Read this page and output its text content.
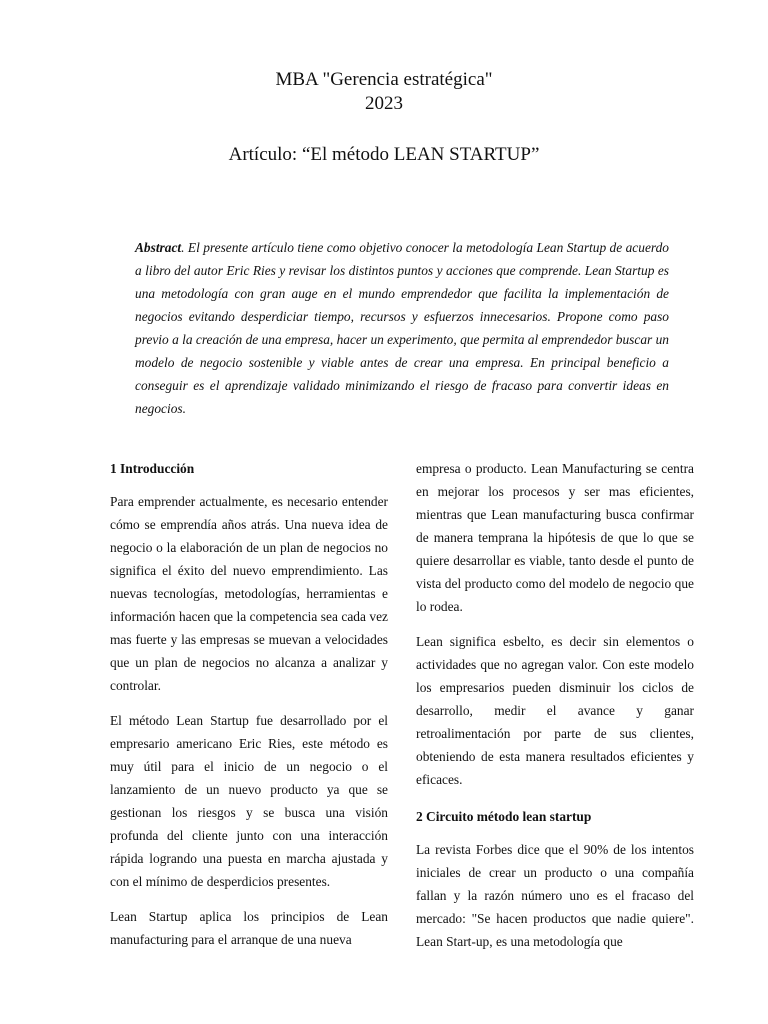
MBA "Gerencia estratégica"
2023
Artículo: “El método LEAN STARTUP”
Abstract. El presente artículo tiene como objetivo conocer la metodología Lean Startup de acuerdo a libro del autor Eric Ries y revisar los distintos puntos y acciones que comprende. Lean Startup es una metodología con gran auge en el mundo emprendedor que facilita la implementación de negocios evitando desperdiciar tiempo, recursos y esfuerzos innecesarios. Propone como paso previo a la creación de una empresa, hacer un experimento, que permita al emprendedor buscar un modelo de negocio sostenible y viable antes de crear una empresa. En principal beneficio a conseguir es el aprendizaje validado minimizando el riesgo de fracaso para convertir ideas en negocios.
1 Introducción

Para emprender actualmente, es necesario entender cómo se emprendía años atrás. Una nueva idea de negocio o la elaboración de un plan de negocios no significa el éxito del nuevo emprendimiento. Las nuevas tecnologías, metodologías, herramientas e información hacen que la competencia sea cada vez mas fuerte y las empresas se muevan a velocidades que un plan de negocios no alcanza a analizar y controlar.

El método Lean Startup fue desarrollado por el empresario americano Eric Ries, este método es muy útil para el inicio de un negocio o el lanzamiento de un nuevo producto ya que se gestionan los riesgos y se busca una visión profunda del cliente junto con una interacción rápida logrando una puesta en marcha ajustada y con el mínimo de desperdicios presentes.

Lean Startup aplica los principios de Lean manufacturing para el arranque de una nueva

empresa o producto. Lean Manufacturing se centra en mejorar los procesos y ser mas eficientes, mientras que Lean manufacturing busca confirmar de manera temprana la hipótesis de que lo que se quiere desarrollar es viable, tanto desde el punto de vista del producto como del modelo de negocio que lo rodea.

Lean significa esbelto, es decir sin elementos o actividades que no agregan valor. Con este modelo los empresarios pueden disminuir los ciclos de desarrollo, medir el avance y ganar retroalimentación por parte de sus clientes, obteniendo de esta manera resultados eficientes y eficaces.

2 Circuito método lean startup

La revista Forbes dice que el 90% de los intentos iniciales de crear un producto o una compañía fallan y la razón número uno es el fracaso del mercado: "Se hacen productos que nadie quiere". Lean Start-up, es una metodología que
